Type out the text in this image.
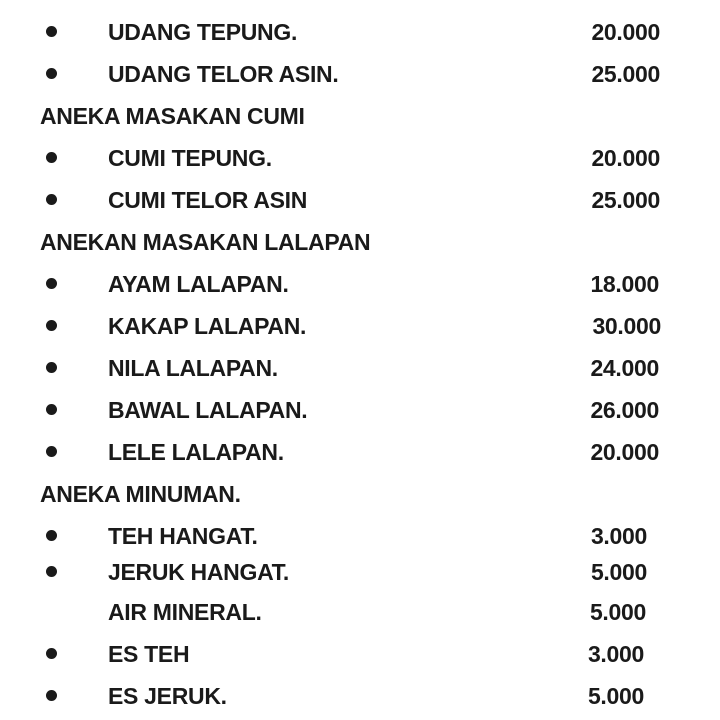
UDANG TEPUNG.	20.000
UDANG TELOR ASIN.	25.000
ANEKA MASAKAN CUMI
CUMI TEPUNG.	20.000
CUMI TELOR ASIN	25.000
ANEKAN MASAKAN LALAPAN
AYAM LALAPAN.	18.000
KAKAP LALAPAN.	30.000
NILA LALAPAN.	24.000
BAWAL LALAPAN.	26.000
LELE LALAPAN.	20.000
ANEKA MINUMAN.
TEH HANGAT.	3.000
JERUK HANGAT.	5.000
AIR MINERAL.	5.000
ES TEH	3.000
ES JERUK.	5.000
